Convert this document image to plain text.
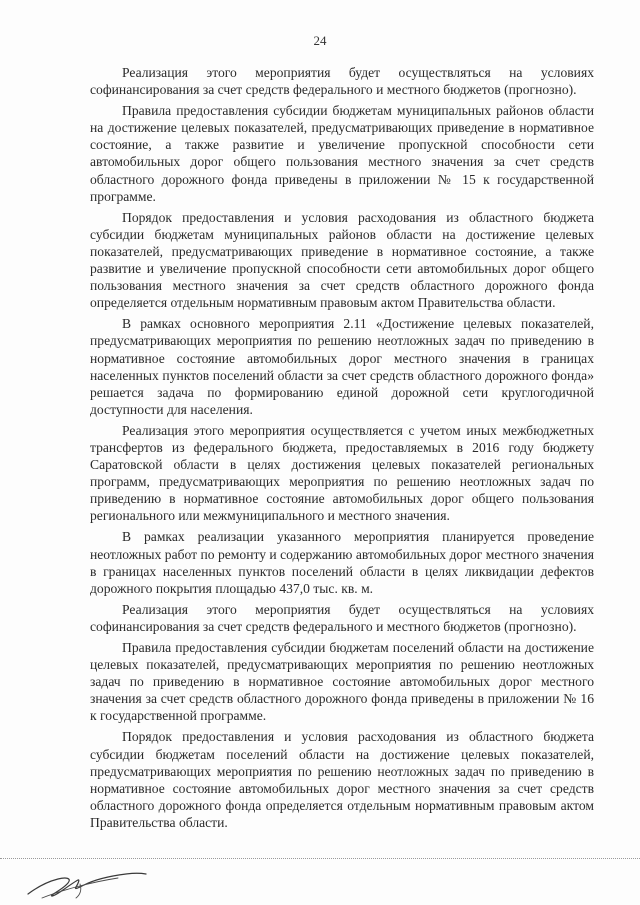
24

Реализация этого мероприятия будет осуществляться на условиях софинансирования за счет средств федерального и местного бюджетов (прогнозно).

Правила предоставления субсидии бюджетам муниципальных районов области на достижение целевых показателей, предусматривающих приведение в нормативное состояние, а также развитие и увеличение пропускной способности сети автомобильных дорог общего пользования местного значения за счет средств областного дорожного фонда приведены в приложении № 15 к государственной программе.

Порядок предоставления и условия расходования из областного бюджета субсидии бюджетам муниципальных районов области на достижение целевых показателей, предусматривающих приведение в нормативное состояние, а также развитие и увеличение пропускной способности сети автомобильных дорог общего пользования местного значения за счет средств областного дорожного фонда определяется отдельным нормативным правовым актом Правительства области.

В рамках основного мероприятия 2.11 «Достижение целевых показателей, предусматривающих мероприятия по решению неотложных задач по приведению в нормативное состояние автомобильных дорог местного значения в границах населенных пунктов поселений области за счет средств областного дорожного фонда» решается задача по формированию единой дорожной сети круглогодичной доступности для населения.

Реализация этого мероприятия осуществляется с учетом иных межбюджетных трансфертов из федерального бюджета, предоставляемых в 2016 году бюджету Саратовской области в целях достижения целевых показателей региональных программ, предусматривающих мероприятия по решению неотложных задач по приведению в нормативное состояние автомобильных дорог общего пользования регионального или межмуниципального и местного значения.

В рамках реализации указанного мероприятия планируется проведение неотложных работ по ремонту и содержанию автомобильных дорог местного значения в границах населенных пунктов поселений области в целях ликвидации дефектов дорожного покрытия площадью 437,0 тыс. кв. м.

Реализация этого мероприятия будет осуществляться на условиях софинансирования за счет средств федерального и местного бюджетов (прогнозно).

Правила предоставления субсидии бюджетам поселений области на достижение целевых показателей, предусматривающих мероприятия по решению неотложных задач по приведению в нормативное состояние автомобильных дорог местного значения за счет средств областного дорожного фонда приведены в приложении № 16 к государственной программе.

Порядок предоставления и условия расходования из областного бюджета субсидии бюджетам поселений области на достижение целевых показателей, предусматривающих мероприятия по решению неотложных задач по приведению в нормативное состояние автомобильных дорог местного значения за счет средств областного дорожного фонда определяется отдельным нормативным правовым актом Правительства области.
